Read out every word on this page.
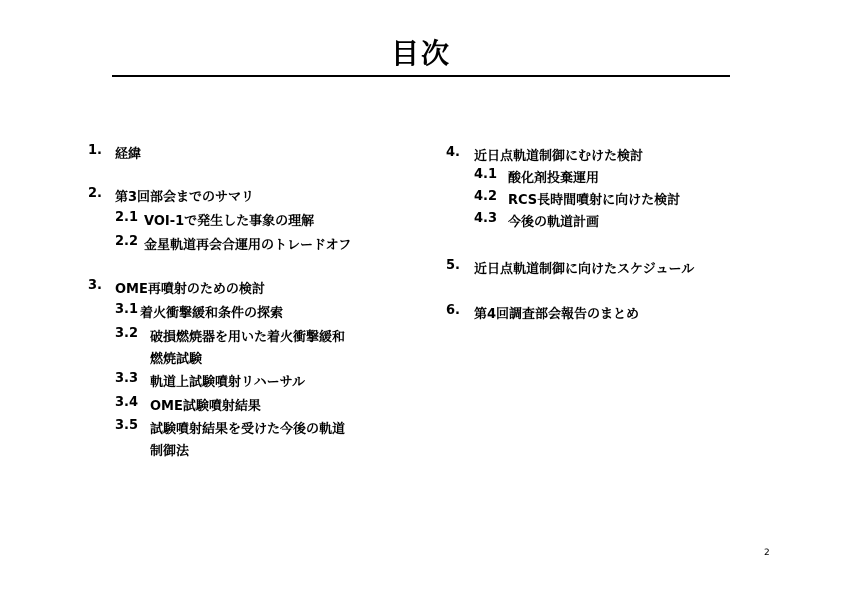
目次
1. 経緯
2. 第3回部会までのサマリ
2.1 VOI-1で発生した事象の理解
2.2 金星軌道再会合運用のトレードオフ
3. OME再噴射のための検討
3.1 着火衝撃緩和条件の探索
3.2 破損燃焼器を用いた着火衝撃緩和
燃焼試験
3.3 軌道上試験噴射リハーサル
3.4 OME試験噴射結果
3.5 試験噴射結果を受けた今後の軌道
制御法
4. 近日点軌道制御にむけた検討
4.1 酸化剤投棄運用
4.2 RCS長時間噴射に向けた検討
4.3 今後の軌道計画
5. 近日点軌道制御に向けたスケジュール
6. 第4回調査部会報告のまとめ
2
